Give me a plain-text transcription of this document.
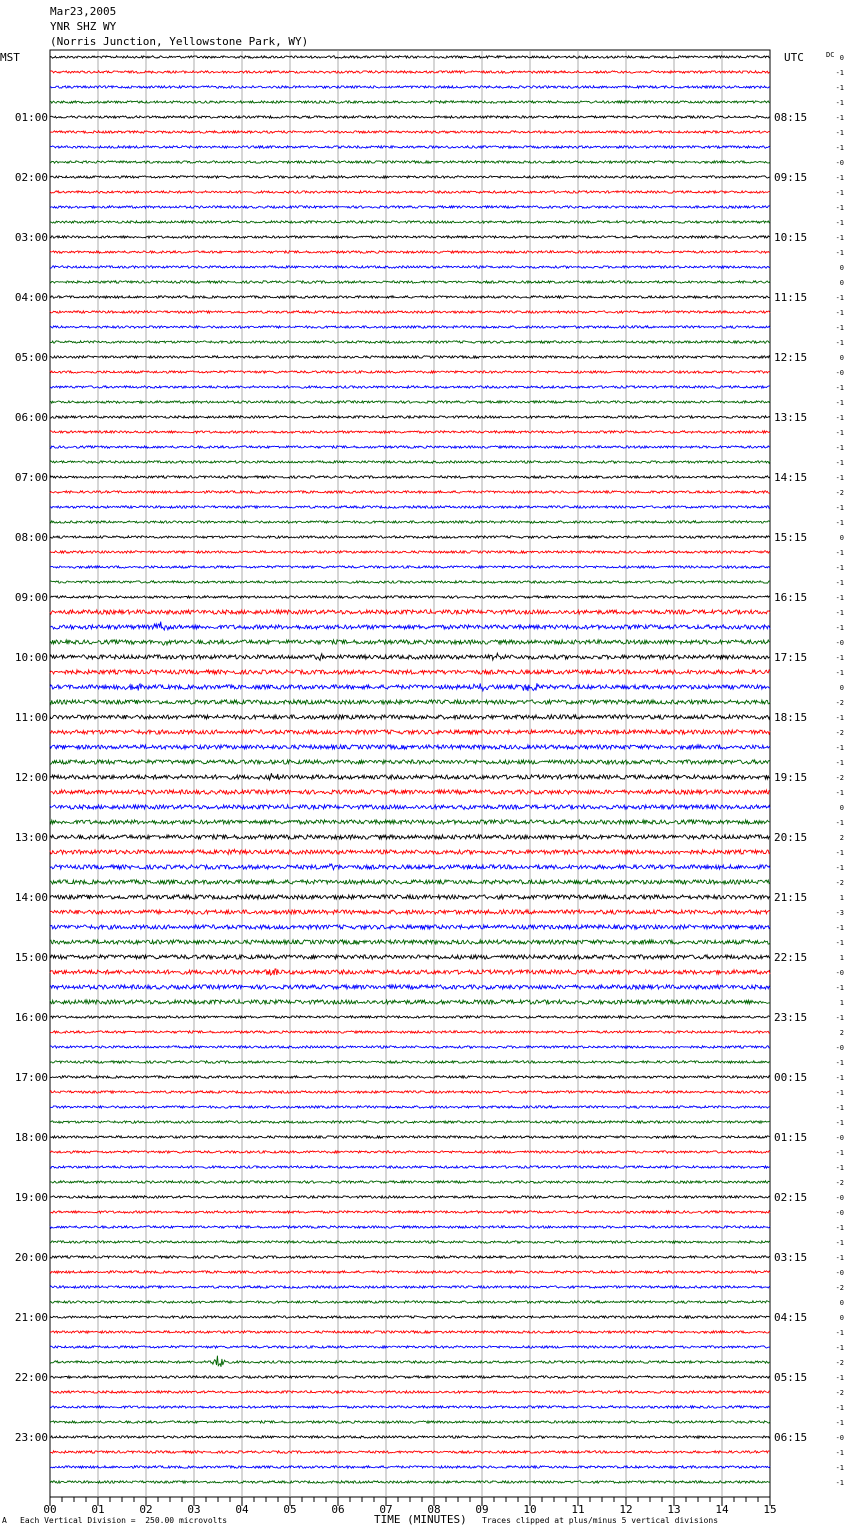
Mar23,2005
YNR SHZ WY
(Norris Junction, Yellowstone Park, WY)
0
-1
-1
-1
-1
-1
-1
-0
-1
-1
-1
-1
-1
-1
0
0
-1
-1
-1
-1
0
-0
-1
-1
-1
-1
-1
-1
-1
-2
-1
-1
0
-1
-1
-1
-1
-1
-1
-0
-1
-1
0
-2
-1
-2
-1
-1
-2
-1
0
-1
2
-1
-1
-2
1
-3
-1
-1
1
-0
-1
1
-1
2
-0
-1
-1
-1
-1
-1
-0
-1
-1
-2
-0
-0
-1
-1
-1
-0
-2
0
0
-1
-1
-2
-1
-2
-1
-1
-0
-1
-1
-1
MST	UTC	DC
01:00	08:15
02:00	09:15
03:00	10:15
04:00	11:15
05:00	12:15
06:00	13:15
07:00	14:15
08:00	15:15
09:00	16:15
10:00	17:15
11:00	18:15
12:00	19:15
13:00	20:15
14:00	21:15
15:00	22:15
16:00	23:15
17:00	00:15
18:00	01:15
19:00	02:15
20:00	03:15
21:00	04:15
22:00	05:15
23:00	06:15
00	01	02	03	04	05	06	07	08	09	10	11	12	13	14	15
A Each Vertical Division =  250.00 microvolts	TIME (MINUTES) Traces clipped at plus/minus 5 vertical divisions
